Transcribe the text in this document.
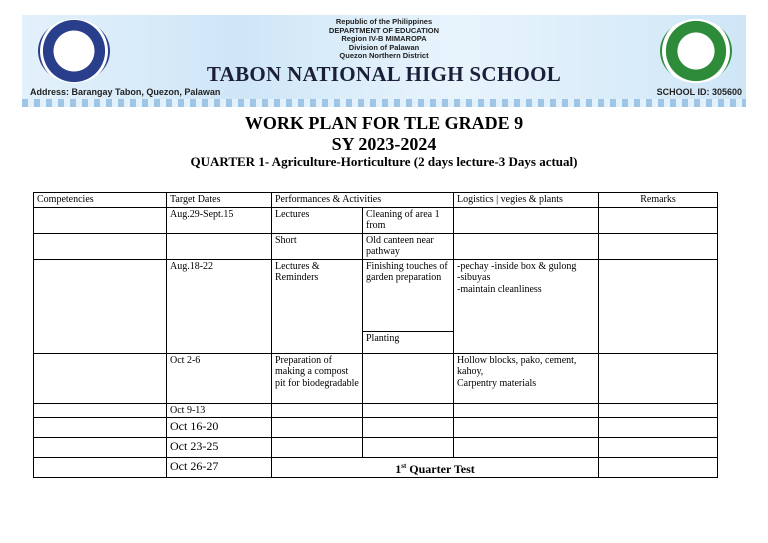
Republic of the Philippines
DEPARTMENT OF EDUCATION
Region IV-B MIMAROPA
Division of Palawan
Quezon Northern District
TABON NATIONAL HIGH SCHOOL
Address: Barangay Tabon, Quezon, Palawan	SCHOOL ID: 305600
WORK PLAN FOR TLE GRADE 9
SY 2023-2024
QUARTER 1- Agriculture-Horticulture (2 days lecture-3 Days actual)
Competencies	Target Dates	Performances & Activities		Logistics | vegies & plants	Remarks
	Aug.29-Sept.15	Lectures	Cleaning of area 1 from		
		Short	Old canteen near pathway		
	Aug.18-22	Lectures & Reminders	Finishing touches of garden preparation	-pechay -inside box & gulong
-sibuyas
-maintain cleanliness	

			Planting		
	Oct 2-6	Preparation of making a compost pit for biodegradable		Hollow blocks, pako, cement, kahoy,
Carpentry materials	

	Oct 9-13				
	Oct 16-20				
	Oct 23-25				
	Oct 26-27	1st Quarter Test			
